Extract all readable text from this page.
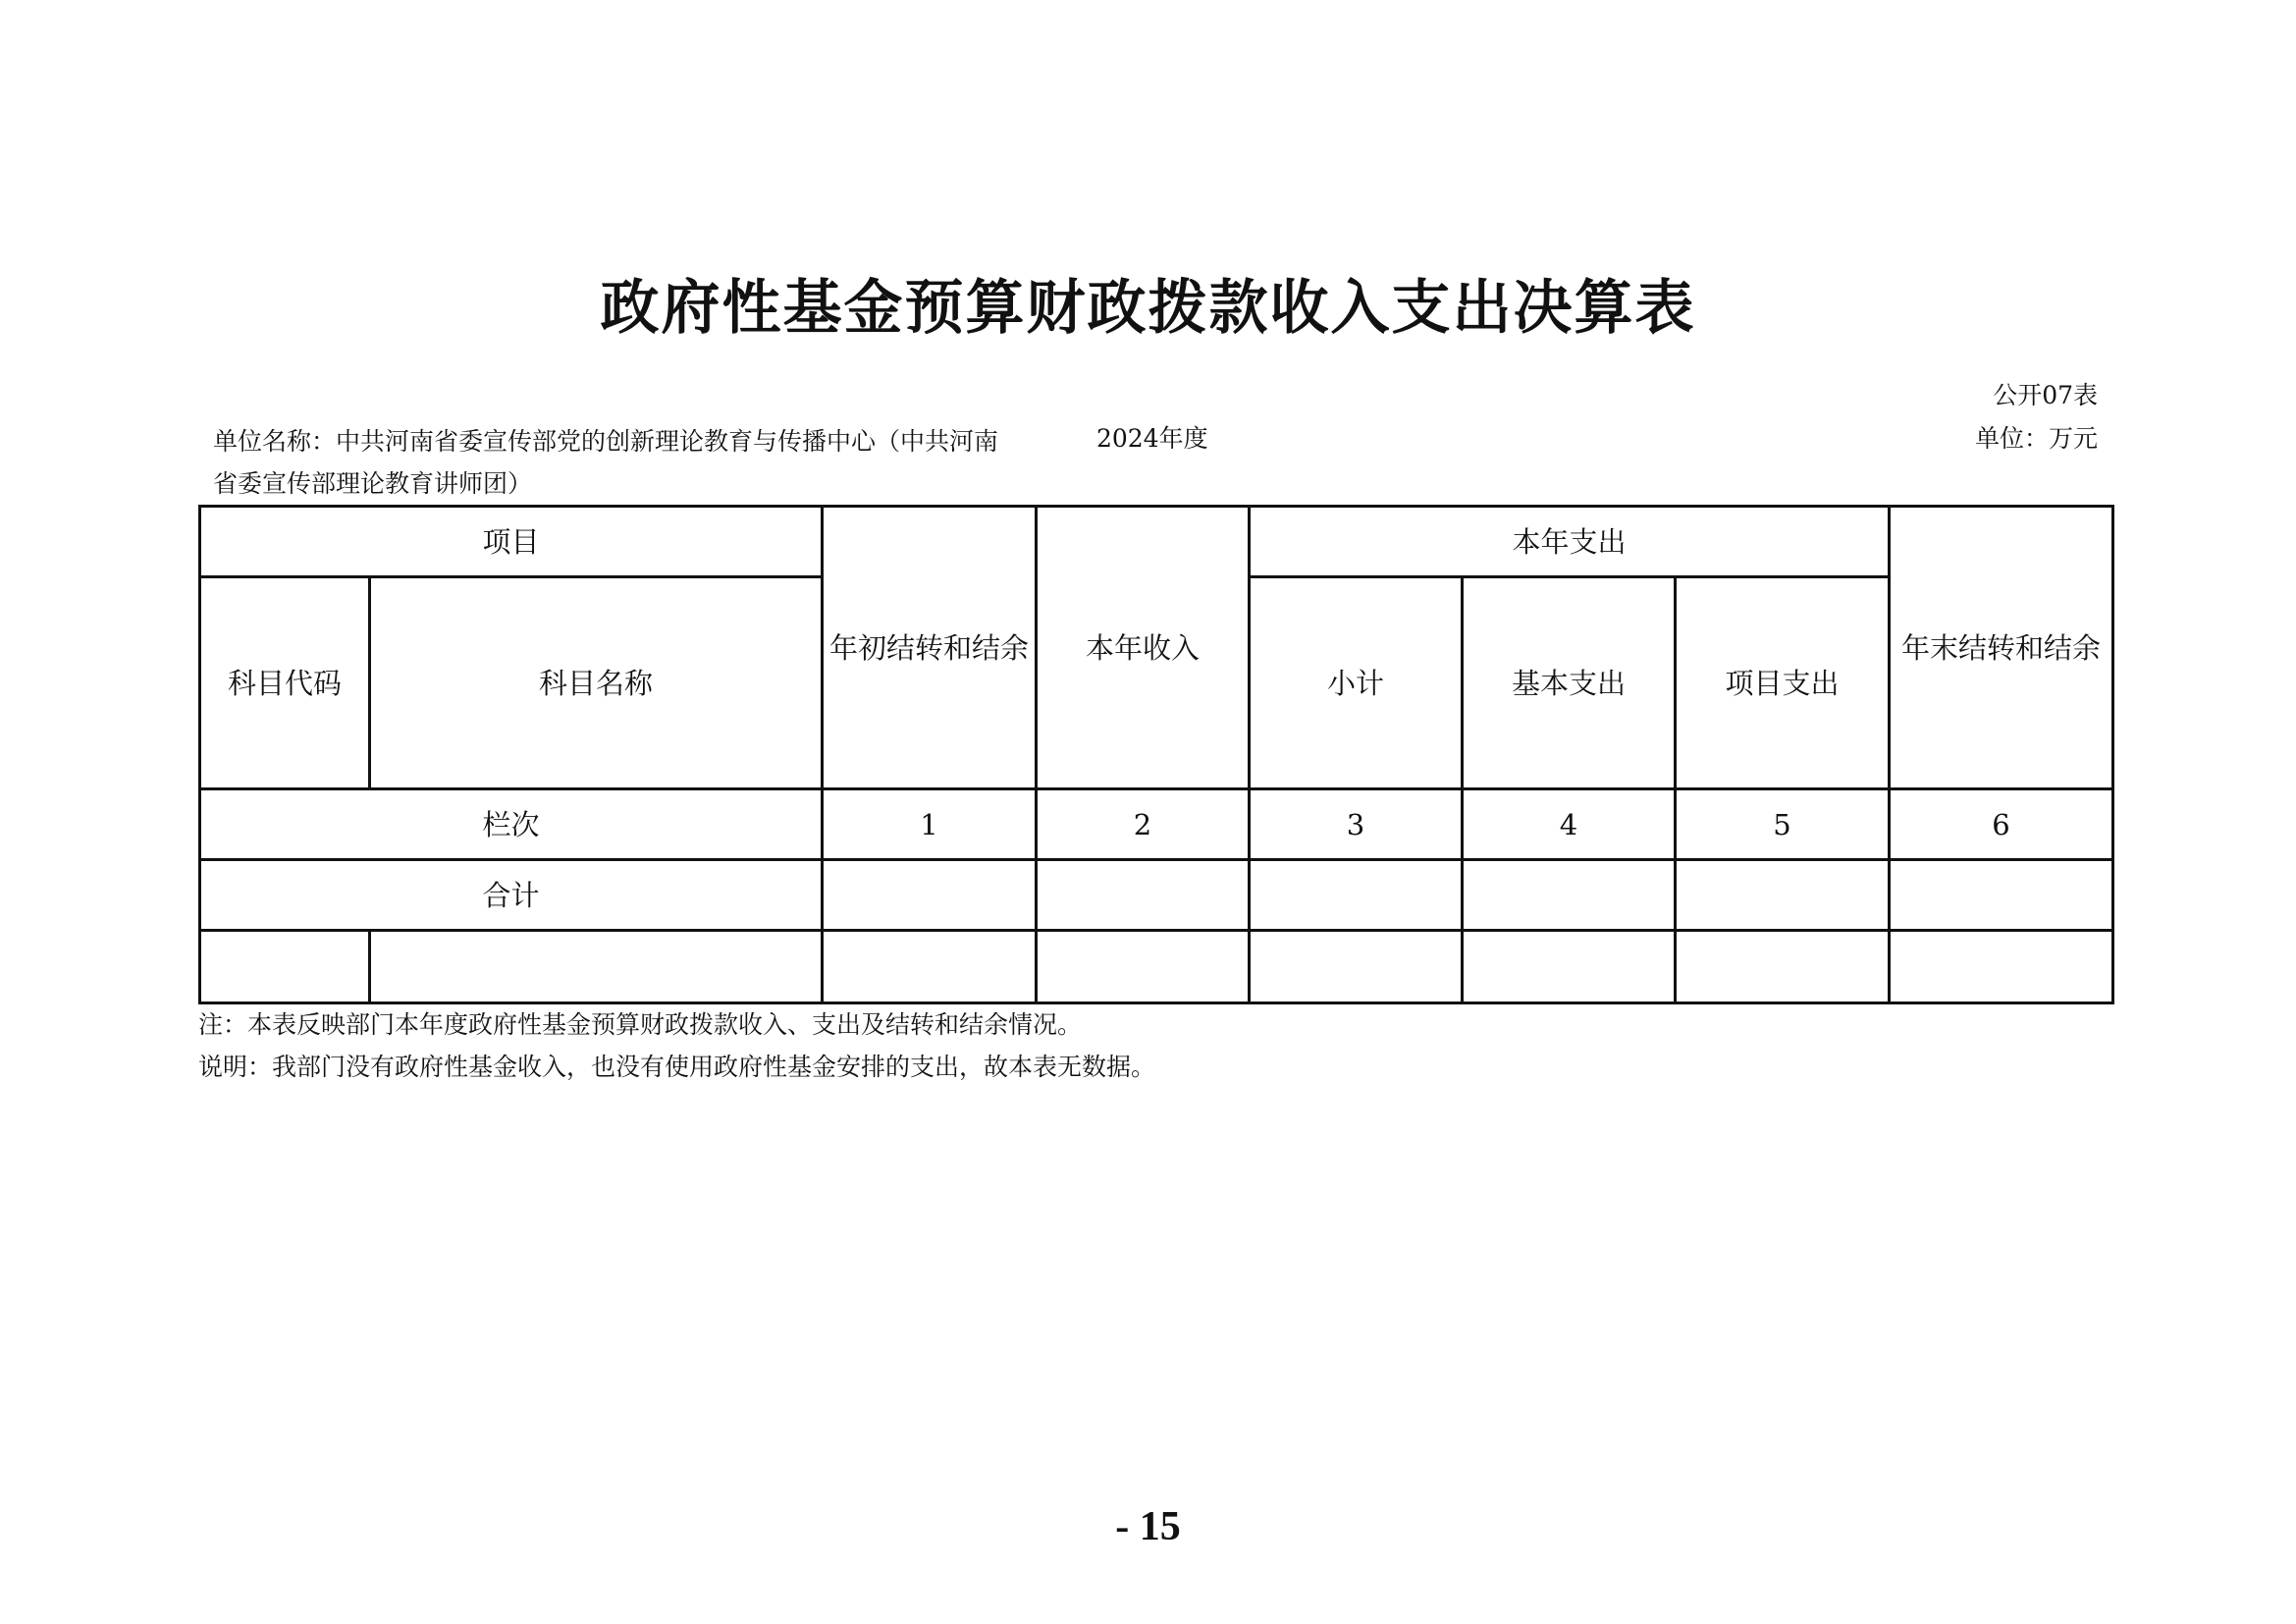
政府性基金预算财政拨款收入支出决算表
公开07表
单位名称：中共河南省委宣传部党的创新理论教育与传播中心（中共河南省委宣传部理论教育讲师团）
2024年度	单位：万元
项目		年初结转和结余	本年收入	本年支出			年末结转和结余
科目代码	科目名称			小计	基本支出	项目支出	
栏次		1	2	3	4	5	6
合计							

注：本表反映部门本年度政府性基金预算财政拨款收入、支出及结转和结余情况。
说明：我部门没有政府性基金收入，也没有使用政府性基金安排的支出，故本表无数据。
- 15
